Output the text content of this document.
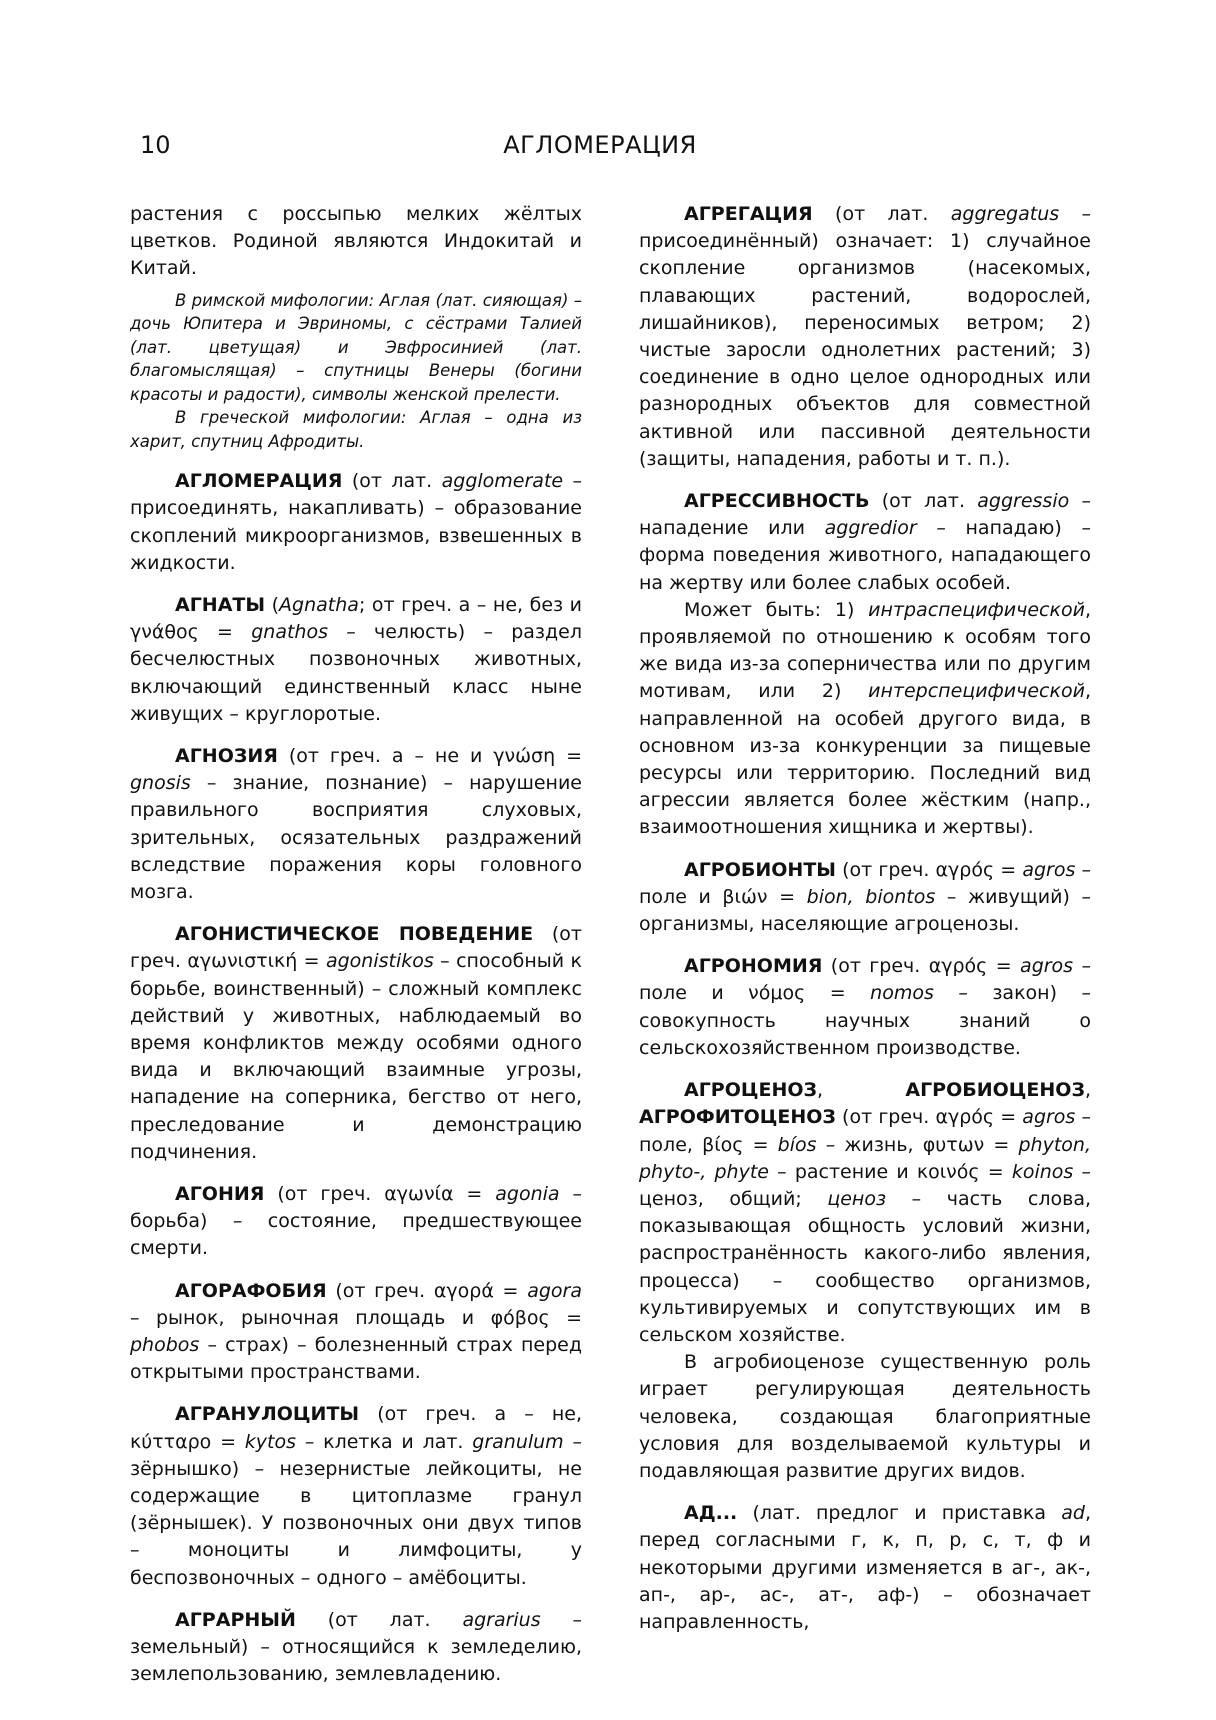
10	АГЛОМЕРАЦИЯ

растения с россыпью мелких жёлтых цветков. Родиной являются Индокитай и Китай.

В римской мифологии: Аглая (лат. сияющая) – дочь Юпитера и Эвриномы, с сёстрами Талией (лат. цветущая) и Эвфросинией (лат. благомыслящая) – спутницы Венеры (богини красоты и радости), символы женской прелести.

В греческой мифологии: Аглая – одна из харит, спутниц Афродиты.

АГЛОМЕРАЦИЯ (от лат. agglomerate – присоединять, накапливать) – образование скоплений микроорганизмов, взвешенных в жидкости.

АГНАТЫ (Agnatha; от греч. а – не, без и γνάθος = gnathos – челюсть) – раздел бесчелюстных позвоночных животных, включающий единственный класс ныне живущих – круглоротые.

АГНОЗИЯ (от греч. а – не и γνώση = gnosis – знание, познание) – нарушение правильного восприятия слуховых, зрительных, осязательных раздражений вследствие поражения коры головного мозга.

АГОНИСТИЧЕСКОЕ ПОВЕДЕНИЕ (от греч. αγωνιστική = agonistikos – способный к борьбе, воинственный) – сложный комплекс действий у животных, наблюдаемый во время конфликтов между особями одного вида и включающий взаимные угрозы, нападение на соперника, бегство от него, преследование и демонстрацию подчинения.

АГОНИЯ (от греч. αγωνία = agonia – борьба) – состояние, предшествующее смерти.

АГОРАФОБИЯ (от греч. αγορά = agora – рынок, рыночная площадь и φόβος = phobos – страх) – болезненный страх перед открытыми пространствами.

АГРАНУЛОЦИТЫ (от греч. а – не, κύτταρο = kytos – клетка и лат. granulum – зёрнышко) – незернистые лейкоциты, не содержащие в цитоплазме гранул (зёрнышек). У позвоночных они двух типов – моноциты и лимфоциты, у беспозвоночных – одного – амёбоциты.

АГРАРНЫЙ (от лат. agrarius – земельный) – относящийся к земледелию, землепользованию, землевладению.

АГРЕГАЦИЯ (от лат. aggregatus – присоединённый) означает: 1) случайное скопление организмов (насекомых, плавающих растений, водорослей, лишайников), переносимых ветром; 2) чистые заросли однолетних растений; 3) соединение в одно целое однородных или разнородных объектов для совместной активной или пассивной деятельности (защиты, нападения, работы и т. п.).

АГРЕССИВНОСТЬ (от лат. aggressio – нападение или aggredior – нападаю) – форма поведения животного, нападающего на жертву или более слабых особей.

Может быть: 1) интраспецифической, проявляемой по отношению к особям того же вида из-за соперничества или по другим мотивам, или 2) интерспецифической, направленной на особей другого вида, в основном из-за конкуренции за пищевые ресурсы или территорию. Последний вид агрессии является более жёстким (напр., взаимоотношения хищника и жертвы).

АГРОБИОНТЫ (от греч. αγρός = agros – поле и βιών = bion, biontos – живущий) – организмы, населяющие агроценозы.

АГРОНОМИЯ (от греч. αγρός = agros – поле и νόμος = nomos – закон) – совокупность научных знаний о сельскохозяйственном производстве.

АГРОЦЕНОЗ, АГРОБИОЦЕНОЗ, АГРОФИТОЦЕНОЗ (от греч. αγρός = agros – поле, βίος = bíos – жизнь, φυτων = phyton, phyto-, phyte – растение и κοινός = koinos – ценоз, общий; ценоз – часть слова, показывающая общность условий жизни, распространённость какого-либо явления, процесса) – сообщество организмов, культивируемых и сопутствующих им в сельском хозяйстве.

В агробиоценозе существенную роль играет регулирующая деятельность человека, создающая благоприятные условия для возделываемой культуры и подавляющая развитие других видов.

АД... (лат. предлог и приставка ad, перед согласными г, к, п, р, с, т, ф и некоторыми другими изменяется в аг-, ак-, ап-, ар-, ас-, ат-, аф-) – обозначает направленность,
